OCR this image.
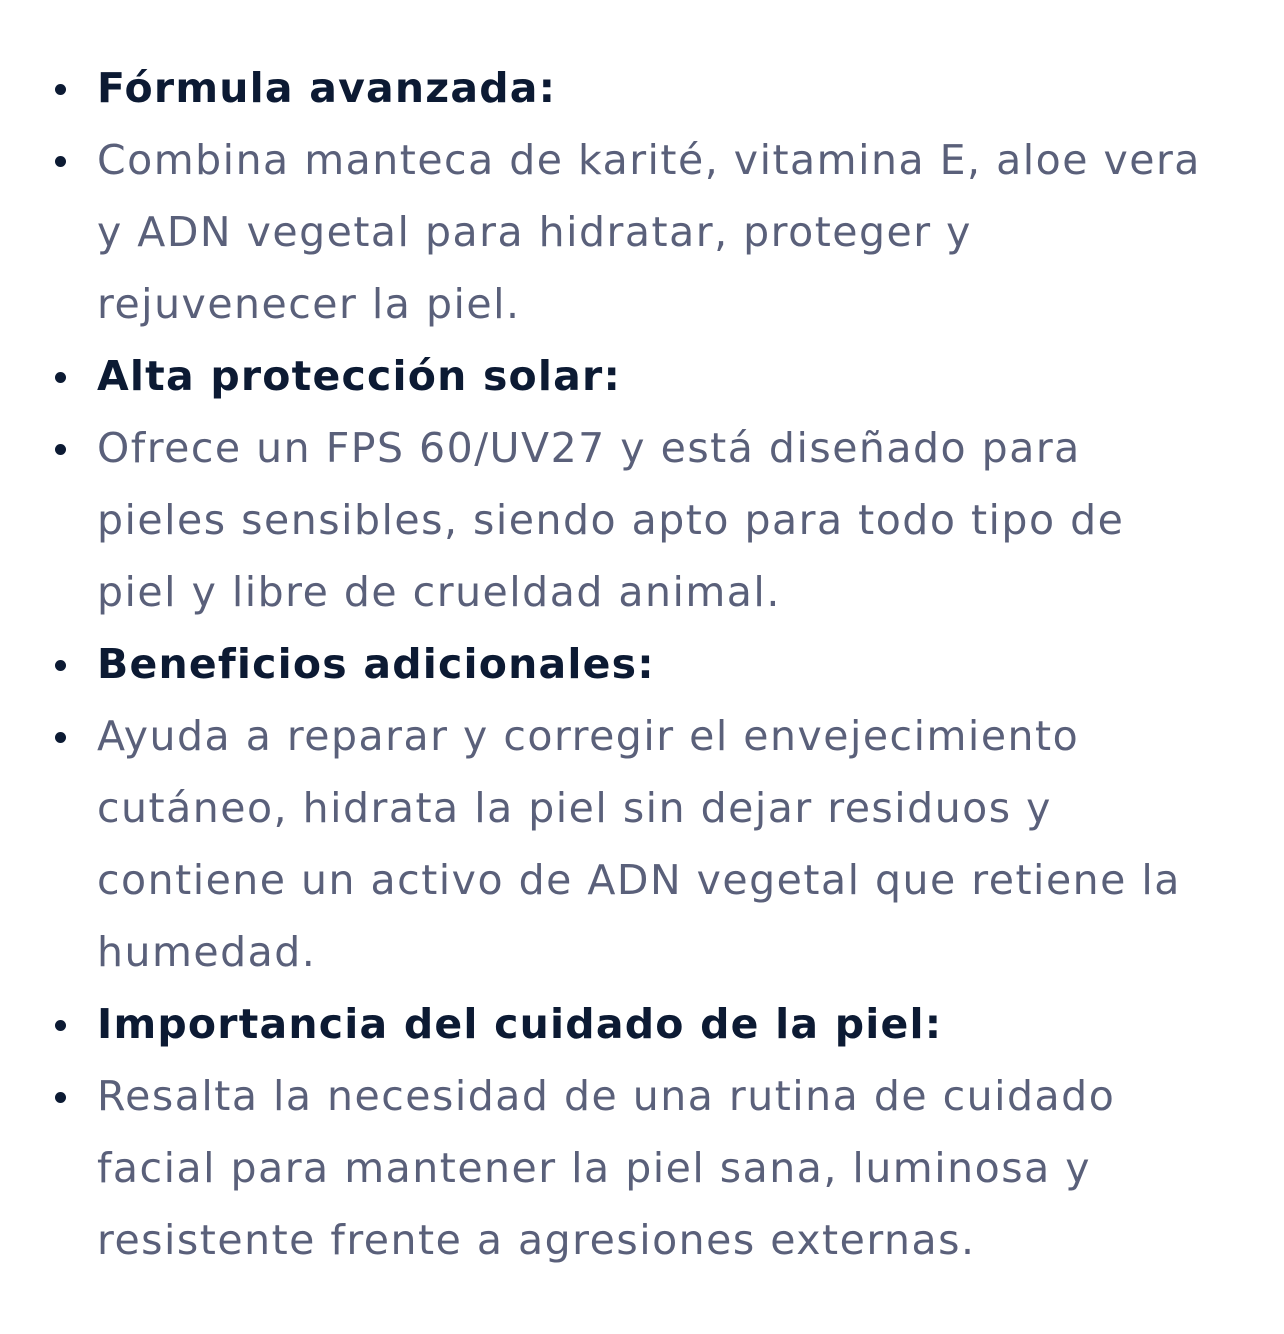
Fórmula avanzada:
Combina manteca de karité, vitamina E, aloe vera y ADN vegetal para hidratar, proteger y rejuvenecer la piel.
Alta protección solar:
Ofrece un FPS 60/UV27 y está diseñado para pieles sensibles, siendo apto para todo tipo de piel y libre de crueldad animal.
Beneficios adicionales:
Ayuda a reparar y corregir el envejecimiento cutáneo, hidrata la piel sin dejar residuos y contiene un activo de ADN vegetal que retiene la humedad.
Importancia del cuidado de la piel:
Resalta la necesidad de una rutina de cuidado facial para mantener la piel sana, luminosa y resistente frente a agresiones externas.
